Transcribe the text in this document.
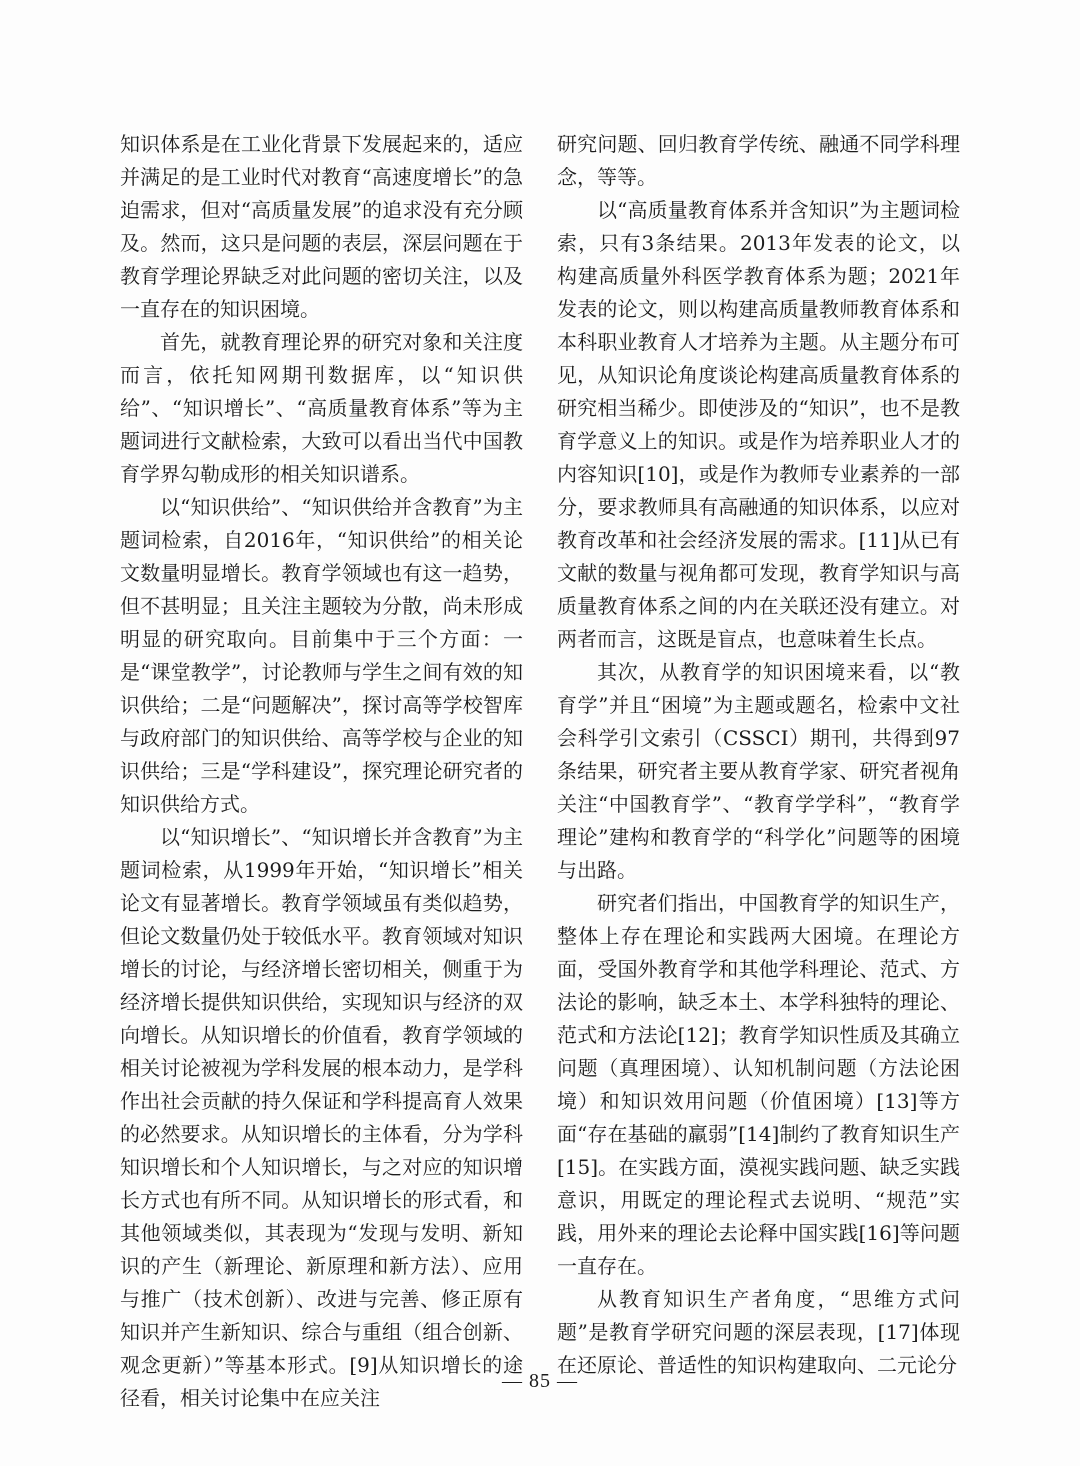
知识体系是在工业化背景下发展起来的，适应并满足的是工业时代对教育“高速度增长”的急迫需求，但对“高质量发展”的追求没有充分顾及。然而，这只是问题的表层，深层问题在于教育学理论界缺乏对此问题的密切关注，以及一直存在的知识困境。

首先，就教育理论界的研究对象和关注度而言，依托知网期刊数据库，以“知识供给”、“知识增长”、“高质量教育体系”等为主题词进行文献检索，大致可以看出当代中国教育学界勾勒成形的相关知识谱系。

以“知识供给”、“知识供给并含教育”为主题词检索，自2016年，“知识供给”的相关论文数量明显增长。教育学领域也有这一趋势，但不甚明显；且关注主题较为分散，尚未形成明显的研究取向。目前集中于三个方面：一是“课堂教学”，讨论教师与学生之间有效的知识供给；二是“问题解决”，探讨高等学校智库与政府部门的知识供给、高等学校与企业的知识供给；三是“学科建设”，探究理论研究者的知识供给方式。

以“知识增长”、“知识增长并含教育”为主题词检索，从1999年开始，“知识增长”相关论文有显著增长。教育学领域虽有类似趋势，但论文数量仍处于较低水平。教育领域对知识增长的讨论，与经济增长密切相关，侧重于为经济增长提供知识供给，实现知识与经济的双向增长。从知识增长的价值看，教育学领域的相关讨论被视为学科发展的根本动力，是学科作出社会贡献的持久保证和学科提高育人效果的必然要求。从知识增长的主体看，分为学科知识增长和个人知识增长，与之对应的知识增长方式也有所不同。从知识增长的形式看，和其他领域类似，其表现为“发现与发明、新知识的产生（新理论、新原理和新方法）、应用与推广（技术创新）、改进与完善、修正原有知识并产生新知识、综合与重组（组合创新、观念更新）”等基本形式。[9]从知识增长的途径看，相关讨论集中在应关注

研究问题、回归教育学传统、融通不同学科理念，等等。

以“高质量教育体系并含知识”为主题词检索，只有3条结果。2013年发表的论文，以构建高质量外科医学教育体系为题；2021年发表的论文，则以构建高质量教师教育体系和本科职业教育人才培养为主题。从主题分布可见，从知识论角度谈论构建高质量教育体系的研究相当稀少。即使涉及的“知识”，也不是教育学意义上的知识。或是作为培养职业人才的内容知识[10]，或是作为教师专业素养的一部分，要求教师具有高融通的知识体系，以应对教育改革和社会经济发展的需求。[11]从已有文献的数量与视角都可发现，教育学知识与高质量教育体系之间的内在关联还没有建立。对两者而言，这既是盲点，也意味着生长点。

其次，从教育学的知识困境来看，以“教育学”并且“困境”为主题或题名，检索中文社会科学引文索引（CSSCI）期刊，共得到97条结果，研究者主要从教育学家、研究者视角关注“中国教育学”、“教育学学科”，“教育学理论”建构和教育学的“科学化”问题等的困境与出路。

研究者们指出，中国教育学的知识生产，整体上存在理论和实践两大困境。在理论方面，受国外教育学和其他学科理论、范式、方法论的影响，缺乏本土、本学科独特的理论、范式和方法论[12]；教育学知识性质及其确立问题（真理困境）、认知机制问题（方法论困境）和知识效用问题（价值困境）[13]等方面“存在基础的羸弱”[14]制约了教育知识生产[15]。在实践方面，漠视实践问题、缺乏实践意识，用既定的理论程式去说明、“规范”实践，用外来的理论去论释中国实践[16]等问题一直存在。

从教育知识生产者角度，“思维方式问题”是教育学研究问题的深层表现，[17]体现在还原论、普适性的知识构建取向、二元论分

— 85 —
